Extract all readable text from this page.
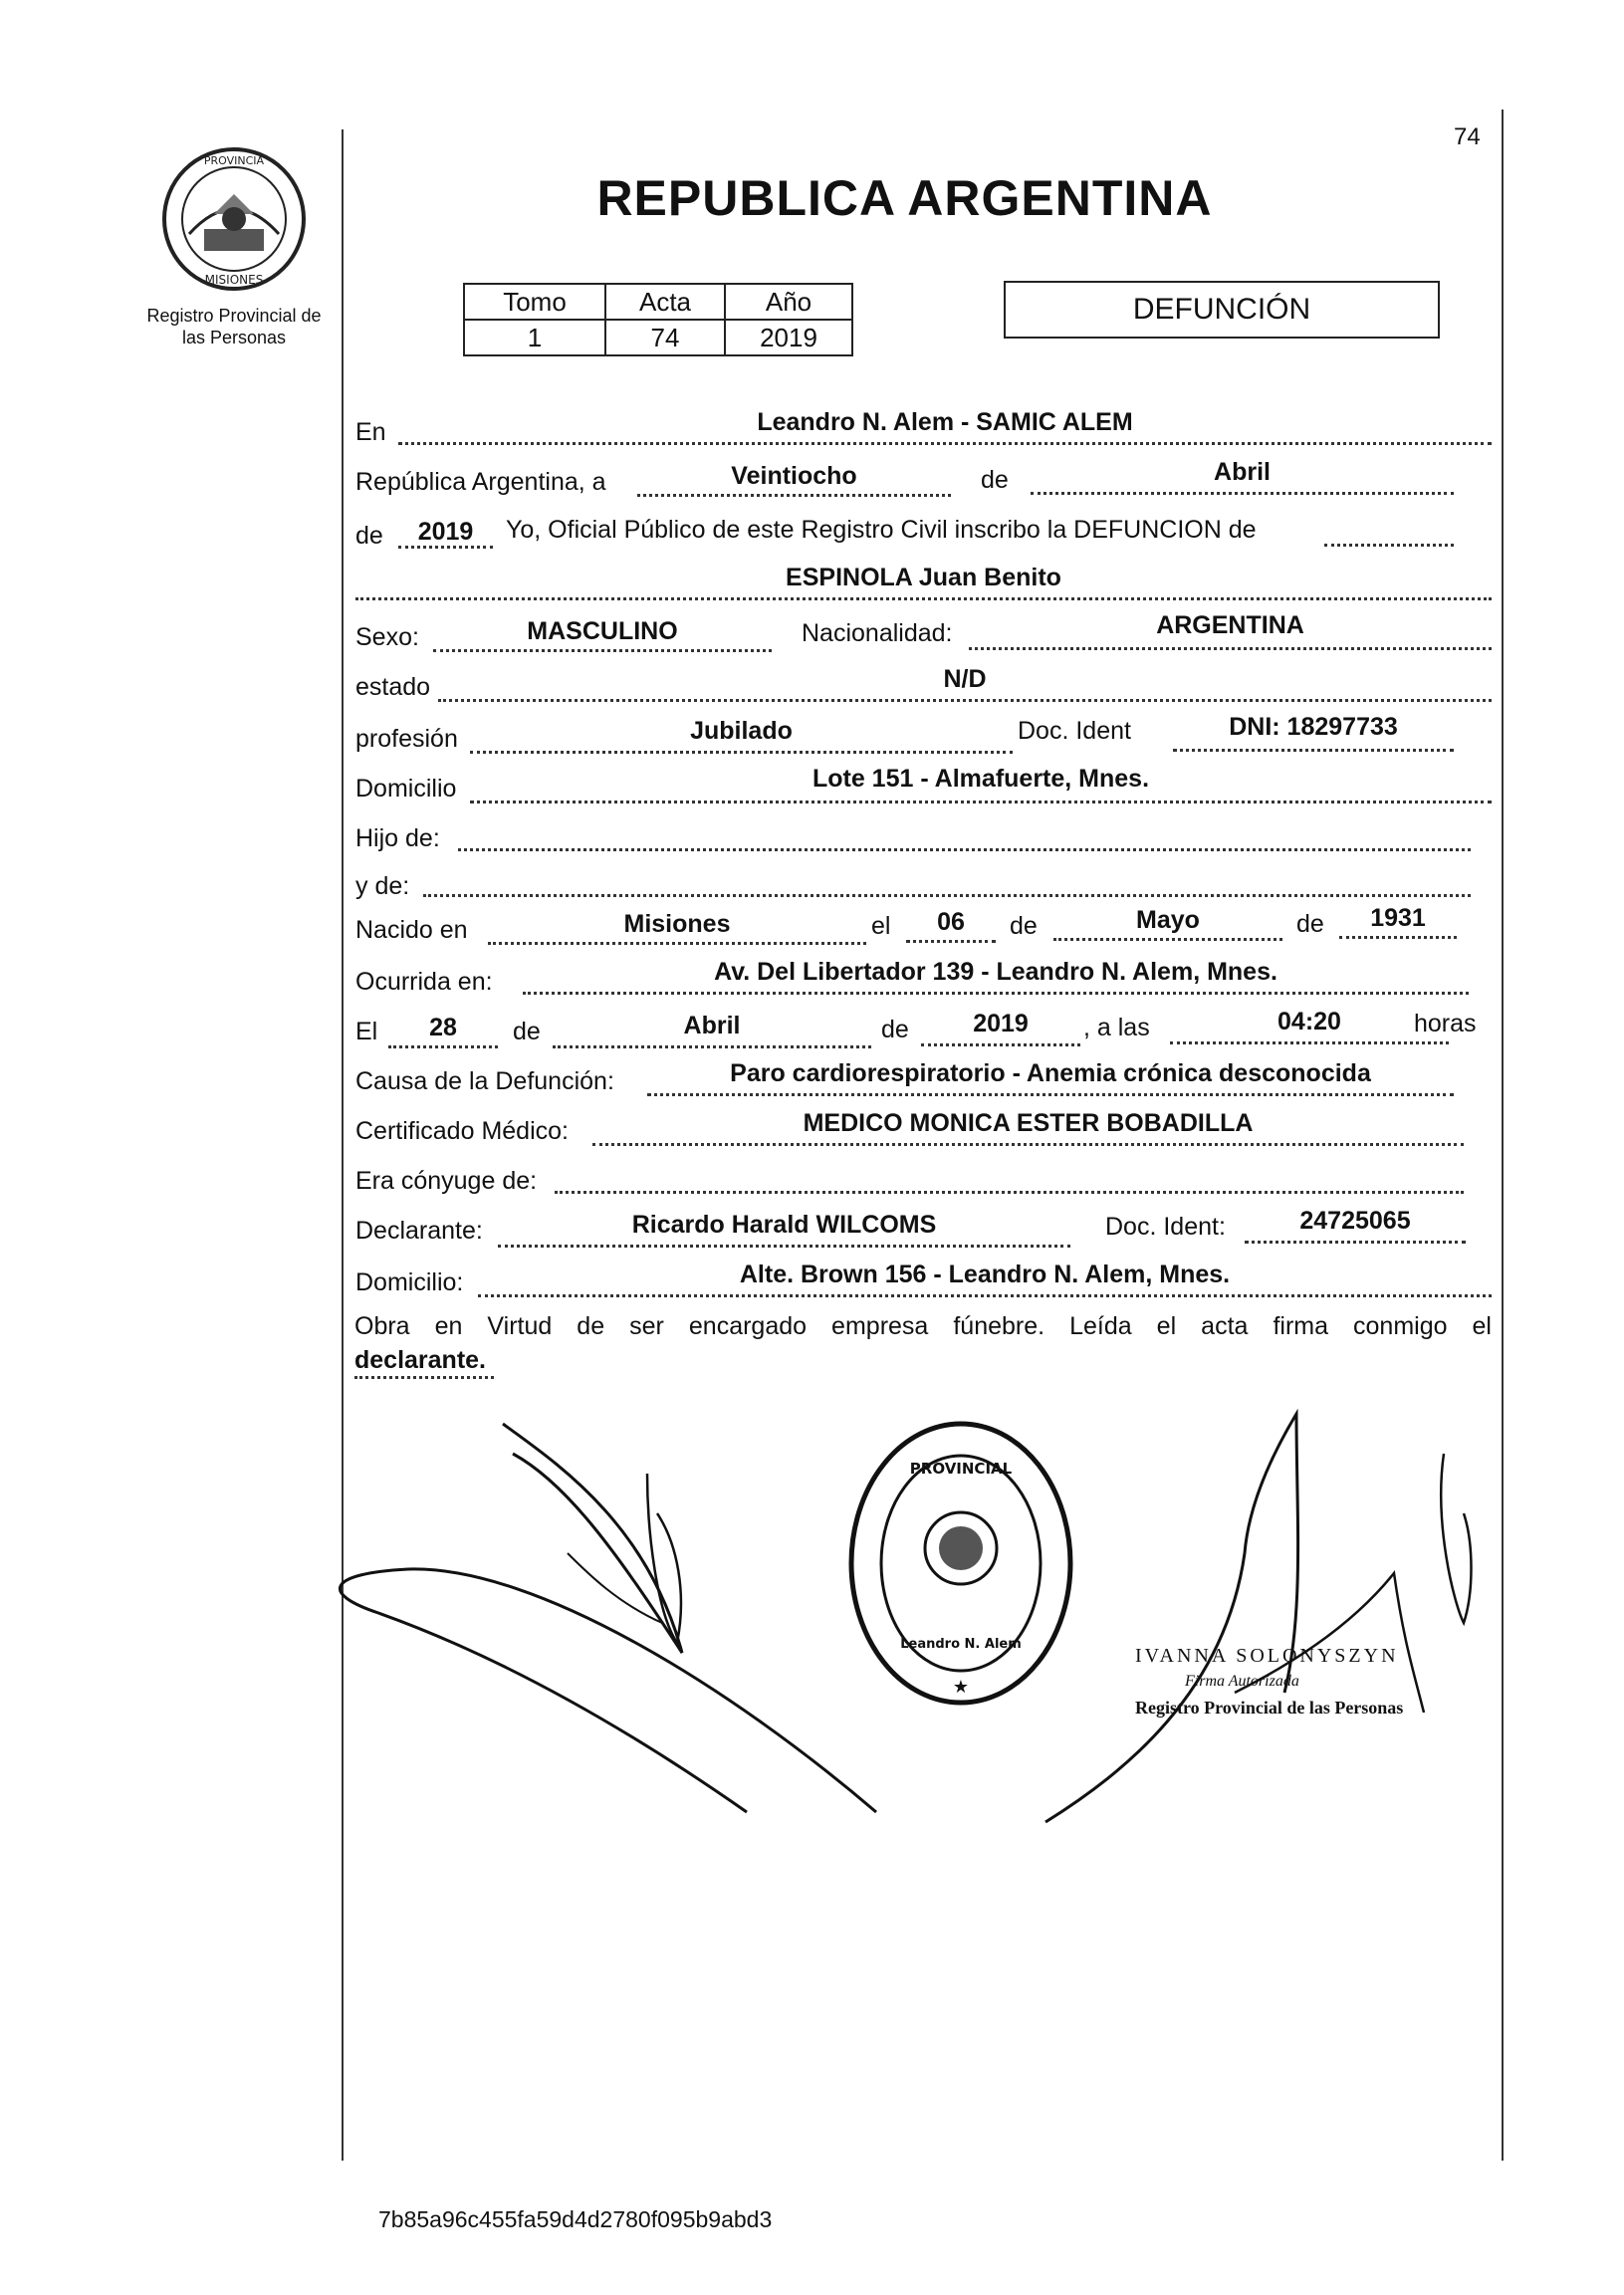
74
PROVINCIA
MISIONES
Registro Provincial de
las Personas
REPUBLICA ARGENTINA
Tomo	Acta	Año
1	74	2019
DEFUNCIÓN
En	Leandro N. Alem - SAMIC ALEM
República Argentina, a	Veintiocho	de	Abril
de	2019	Yo, Oficial Público de este Registro Civil inscribo la DEFUNCION de
ESPINOLA Juan Benito
Sexo:	MASCULINO	Nacionalidad:	ARGENTINA
estado	N/D
profesión	Jubilado	Doc. Ident	DNI: 18297733
Domicilio	Lote 151 - Almafuerte, Mnes.
Hijo de:
y de:
Nacido en	Misiones	el	06	de	Mayo	de	1931
Ocurrida en:	Av. Del Libertador 139 - Leandro N. Alem, Mnes.
El	28	de	Abril	de	2019	, a las	04:20	horas
Causa de la Defunción:	Paro cardiorespiratorio - Anemia crónica desconocida
Certificado Médico:	MEDICO MONICA ESTER BOBADILLA
Era cónyuge de:
Declarante:	Ricardo Harald WILCOMS	Doc. Ident:	24725065
Domicilio:	Alte. Brown 156 - Leandro N. Alem, Mnes.
Obra en Virtud de ser encargado empresa fúnebre. Leída el acta firma conmigo el
declarante.
PROVINCIAL
Leandro N. Alem
★
IVANNA SOLONYSZYN
Firma Autorizada
Registro Provincial de las Personas
7b85a96c455fa59d4d2780f095b9abd3
